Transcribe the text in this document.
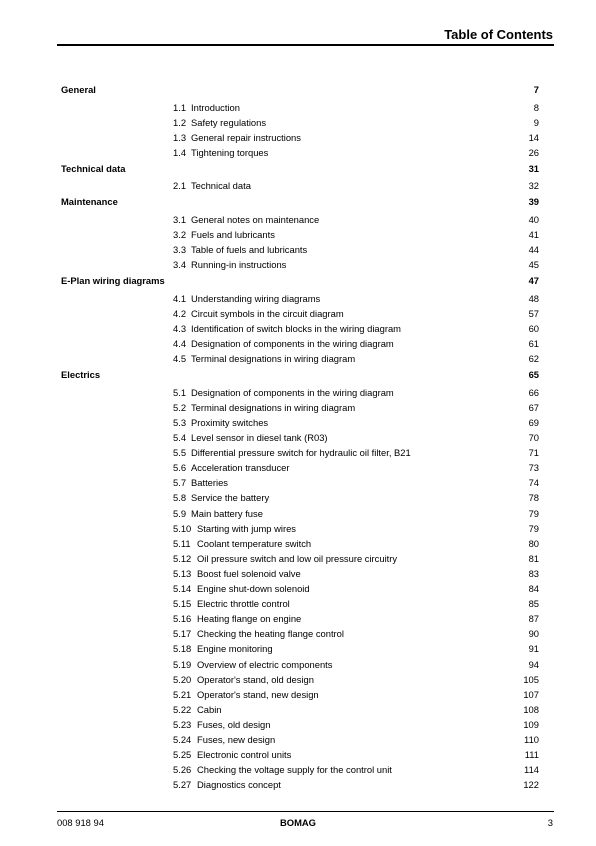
Table of Contents
General	7
1.1 Introduction	8
1.2 Safety regulations	9
1.3 General repair instructions	14
1.4 Tightening torques	26
Technical data	31
2.1 Technical data	32
Maintenance	39
3.1 General notes on maintenance	40
3.2 Fuels and lubricants	41
3.3 Table of fuels and lubricants	44
3.4 Running-in instructions	45
E-Plan wiring diagrams	47
4.1 Understanding wiring diagrams	48
4.2 Circuit symbols in the circuit diagram	57
4.3 Identification of switch blocks in the wiring diagram	60
4.4 Designation of components in the wiring diagram	61
4.5 Terminal designations in wiring diagram	62
Electrics	65
5.1 Designation of components in the wiring diagram	66
5.2 Terminal designations in wiring diagram	67
5.3 Proximity switches	69
5.4 Level sensor in diesel tank (R03)	70
5.5 Differential pressure switch for hydraulic oil filter, B21	71
5.6 Acceleration transducer	73
5.7 Batteries	74
5.8 Service the battery	78
5.9 Main battery fuse	79
5.10 Starting with jump wires	79
5.11 Coolant temperature switch	80
5.12 Oil pressure switch and low oil pressure circuitry	81
5.13 Boost fuel solenoid valve	83
5.14 Engine shut-down solenoid	84
5.15 Electric throttle control	85
5.16 Heating flange on engine	87
5.17 Checking the heating flange control	90
5.18 Engine monitoring	91
5.19 Overview of electric components	94
5.20 Operator's stand, old design	105
5.21 Operator's stand, new design	107
5.22 Cabin	108
5.23 Fuses, old design	109
5.24 Fuses, new design	110
5.25 Electronic control units	111
5.26 Checking the voltage supply for the control unit	114
5.27 Diagnostics concept	122
008 918 94	BOMAG	3
